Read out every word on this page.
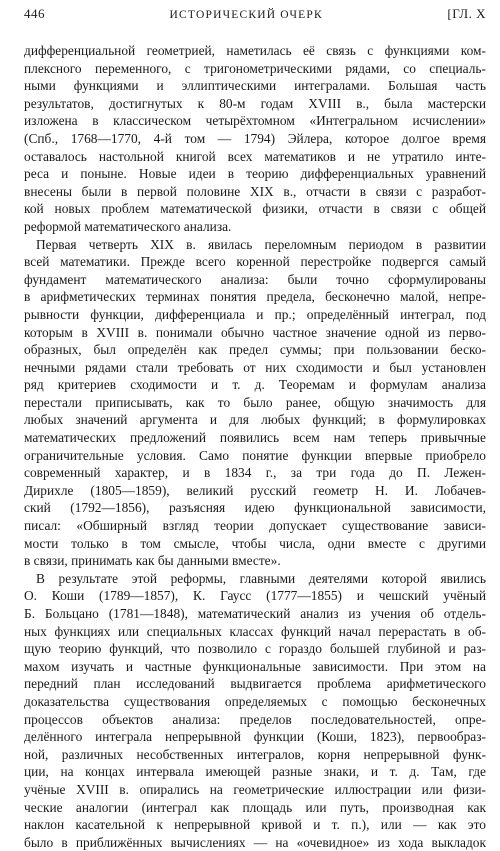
446	ИСТОРИЧЕСКИЙ ОЧЕРК	[ГЛ. X
дифференциальной геометрией, наметилась её связь с функциями ком-
плексного переменного, с тригонометрическими рядами, со специаль-
ными функциями и эллиптическими интегралами. Большая часть
результатов, достигнутых к 80-м годам XVIII в., была мастерски
изложена в классическом четырёхтомном «Интегральном исчислении»
(Спб., 1768—1770, 4-й том — 1794) Эйлера, которое долгое время
оставалось настольной книгой всех математиков и не утратило инте-
реса и поныне. Новые идеи в теорию дифференциальных уравнений
внесены были в первой половине XIX в., отчасти в связи с разработ-
кой новых проблем математической физики, отчасти в связи с общей
реформой математического анализа.
Первая четверть XIX в. явилась переломным периодом в развитии
всей математики. Прежде всего коренной перестройке подвергся самый
фундамент математического анализа: были точно сформулированы
в арифметических терминах понятия предела, бесконечно малой, непре-
рывности функции, дифференциала и пр.; определённый интеграл, под
которым в XVIII в. понимали обычно частное значение одной из перво-
образных, был определён как предел суммы; при пользовании беско-
нечными рядами стали требовать от них сходимости и был установлен
ряд критериев сходимости и т. д. Теоремам и формулам анализа
перестали приписывать, как то было ранее, общую значимость для
любых значений аргумента и для любых функций; в формулировках
математических предложений появились всем нам теперь привычные
ограничительные условия. Само понятие функции впервые приобрело
современный характер, и в 1834 г., за три года до П. Лежен-
Дирихле (1805—1859), великий русский геометр Н. И. Лобачев-
ский (1792—1856), разъясняя идею функциональной зависимости,
писал: «Обширный взгляд теории допускает существование зависи-
мости только в том смысле, чтобы числа, одни вместе с другими
в связи, принимать как бы данными вместе».
В результате этой реформы, главными деятелями которой явились
О. Коши (1789—1857), К. Гаусс (1777—1855) и чешский учёный
Б. Больцано (1781—1848), математический анализ из учения об отдель-
ных функциях или специальных классах функций начал перерастать в об-
щую теорию функций, что позволило с гораздо большей глубиной и раз-
махом изучать и частные функциональные зависимости. При этом на
передний план исследований выдвигается проблема арифметического
доказательства существования определяемых с помощью бесконечных
процессов объектов анализа: пределов последовательностей, опре-
делённого интеграла непрерывной функции (Коши, 1823), первообраз-
ной, различных несобственных интегралов, корня непрерывной функ-
ции, на концах интервала имеющей разные знаки, и т. д. Там, где
учёные XVIII в. опирались на геометрические иллюстрации или физи-
ческие аналогии (интеграл как площадь или путь, производная как
наклон касательной к непрерывной кривой и т. п.), или — как это
было в приближённых вычислениях — на «очевидное» из хода выкладок
